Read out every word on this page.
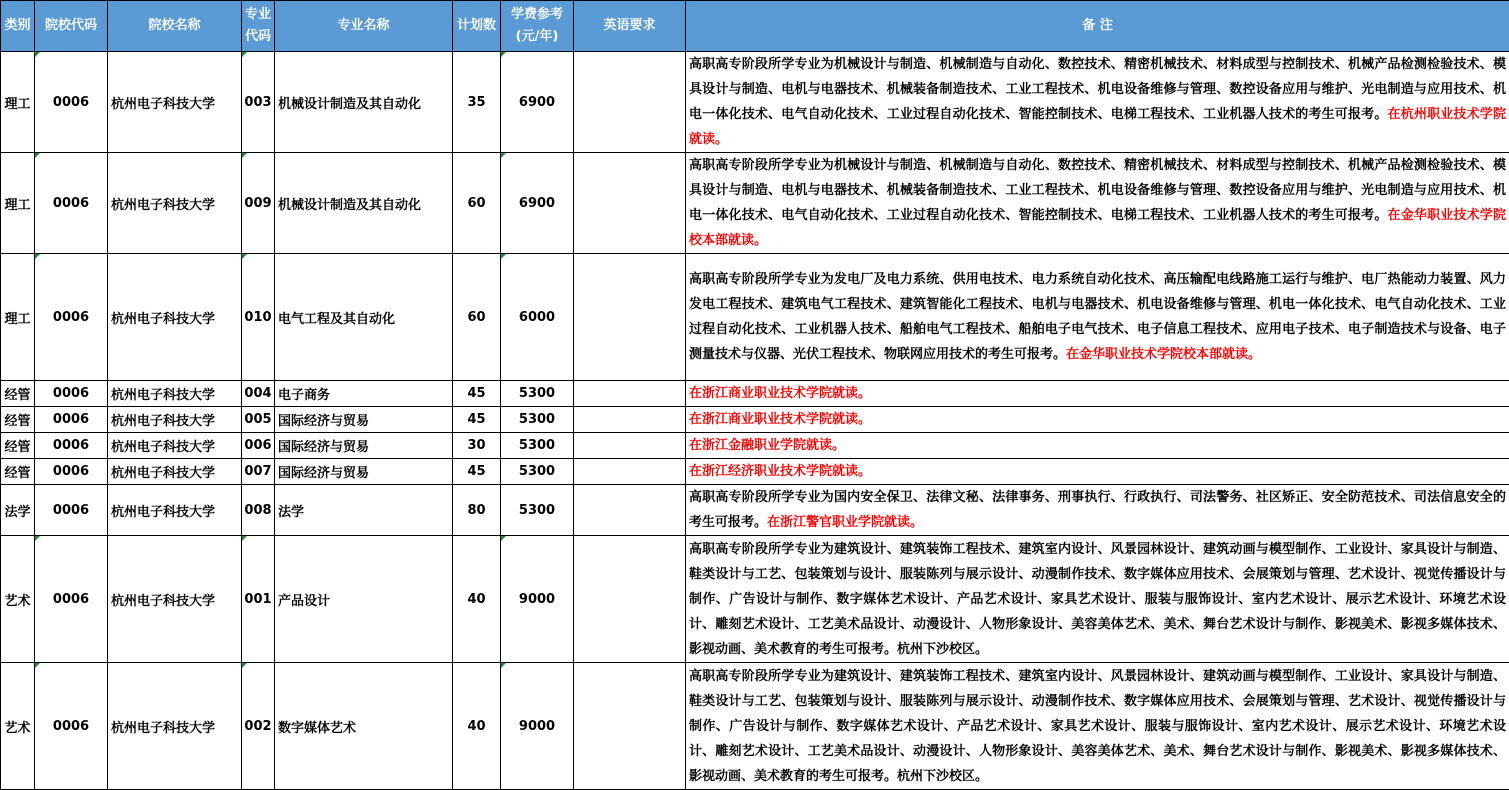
类别	院校代码	院校名称	专业代码	专业名称	计划数	学费参考(元/年)	英语要求	备 注
理工	0006	杭州电子科技大学	003	机械设计制造及其自动化	35	6900		高职高专阶段所学专业为机械设计与制造、机械制造与自动化、数控技术、精密机械技术、材料成型与控制技术、机械产品检测检验技术、模具设计与制造、电机与电器技术、机械装备制造技术、工业工程技术、机电设备维修与管理、数控设备应用与维护、光电制造与应用技术、机电一体化技术、电气自动化技术、工业过程自动化技术、智能控制技术、电梯工程技术、工业机器人技术的考生可报考。在杭州职业技术学院就读。
理工	0006	杭州电子科技大学	009	机械设计制造及其自动化	60	6900		高职高专阶段所学专业为机械设计与制造、机械制造与自动化、数控技术、精密机械技术、材料成型与控制技术、机械产品检测检验技术、模具设计与制造、电机与电器技术、机械装备制造技术、工业工程技术、机电设备维修与管理、数控设备应用与维护、光电制造与应用技术、机电一体化技术、电气自动化技术、工业过程自动化技术、智能控制技术、电梯工程技术、工业机器人技术的考生可报考。在金华职业技术学院校本部就读。
理工	0006	杭州电子科技大学	010	电气工程及其自动化	60	6000		高职高专阶段所学专业为发电厂及电力系统、供用电技术、电力系统自动化技术、高压输配电线路施工运行与维护、电厂热能动力装置、风力发电工程技术、建筑电气工程技术、建筑智能化工程技术、电机与电器技术、机电设备维修与管理、机电一体化技术、电气自动化技术、工业过程自动化技术、工业机器人技术、船舶电气工程技术、船舶电子电气技术、电子信息工程技术、应用电子技术、电子制造技术与设备、电子测量技术与仪器、光伏工程技术、物联网应用技术的考生可报考。在金华职业技术学院校本部就读。
经管	0006	杭州电子科技大学	004	电子商务	45	5300		在浙江商业职业技术学院就读。
经管	0006	杭州电子科技大学	005	国际经济与贸易	45	5300		在浙江商业职业技术学院就读。
经管	0006	杭州电子科技大学	006	国际经济与贸易	30	5300		在浙江金融职业学院就读。
经管	0006	杭州电子科技大学	007	国际经济与贸易	45	5300		在浙江经济职业技术学院就读。
法学	0006	杭州电子科技大学	008	法学	80	5300		高职高专阶段所学专业为国内安全保卫、法律文秘、法律事务、刑事执行、行政执行、司法警务、社区矫正、安全防范技术、司法信息安全的考生可报考。在浙江警官职业学院就读。
艺术	0006	杭州电子科技大学	001	产品设计	40	9000		高职高专阶段所学专业为建筑设计、建筑装饰工程技术、建筑室内设计、风景园林设计、建筑动画与模型制作、工业设计、家具设计与制造、鞋类设计与工艺、包装策划与设计、服装陈列与展示设计、动漫制作技术、数字媒体应用技术、会展策划与管理、艺术设计、视觉传播设计与制作、广告设计与制作、数字媒体艺术设计、产品艺术设计、家具艺术设计、服装与服饰设计、室内艺术设计、展示艺术设计、环境艺术设计、雕刻艺术设计、工艺美术品设计、动漫设计、人物形象设计、美容美体艺术、美术、舞台艺术设计与制作、影视美术、影视多媒体技术、影视动画、美术教育的考生可报考。杭州下沙校区。
艺术	0006	杭州电子科技大学	002	数字媒体艺术	40	9000		高职高专阶段所学专业为建筑设计、建筑装饰工程技术、建筑室内设计、风景园林设计、建筑动画与模型制作、工业设计、家具设计与制造、鞋类设计与工艺、包装策划与设计、服装陈列与展示设计、动漫制作技术、数字媒体应用技术、会展策划与管理、艺术设计、视觉传播设计与制作、广告设计与制作、数字媒体艺术设计、产品艺术设计、家具艺术设计、服装与服饰设计、室内艺术设计、展示艺术设计、环境艺术设计、雕刻艺术设计、工艺美术品设计、动漫设计、人物形象设计、美容美体艺术、美术、舞台艺术设计与制作、影视美术、影视多媒体技术、影视动画、美术教育的考生可报考。杭州下沙校区。
